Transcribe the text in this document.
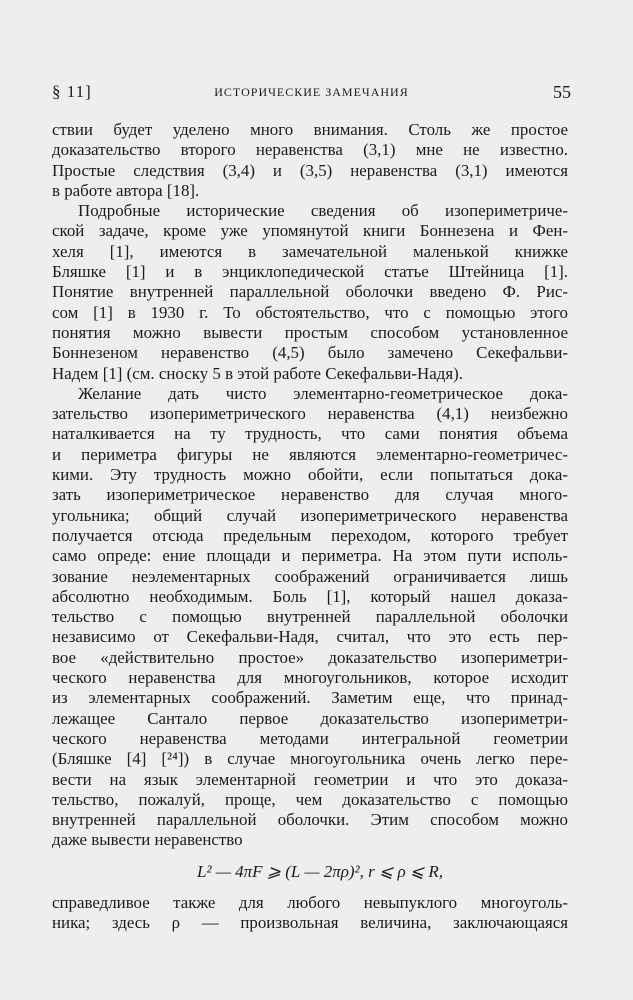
§ 11]	ИСТОРИЧЕСКИЕ ЗАМЕЧАНИЯ	55
ствии будет уделено много внимания. Столь же простое
доказательство второго неравенства (3,1) мне не известно.
Простые следствия (3,4) и (3,5) неравенства (3,1) имеются
в работе автора [18].
Подробные исторические сведения об изопериметриче-
ской задаче, кроме уже упомянутой книги Боннезена и Фен-
хеля [1], имеются в замечательной маленькой книжке
Бляшке [1] и в энциклопедической статье Штейница [1].
Понятие внутренней параллельной оболочки введено Ф. Рис-
сом [1] в 1930 г. То обстоятельство, что с помощью этого
понятия можно вывести простым способом установленное
Боннезеном неравенство (4,5) было замечено Секефальви-
Надем [1] (см. сноску 5 в этой работе Секефальви-Надя).
Желание дать чисто элементарно-геометрическое дока-
зательство изопериметрического неравенства (4,1) неизбежно
наталкивается на ту трудность, что сами понятия объема
и периметра фигуры не являются элементарно-геометричес-
кими. Эту трудность можно обойти, если попытаться дока-
зать изопериметрическое неравенство для случая много-
угольника; общий случай изопериметрического неравенства
получается отсюда предельным переходом, которого требует
само опреде: ение площади и периметра. На этом пути исполь-
зование неэлементарных соображений ограничивается лишь
абсолютно необходимым. Боль [1], который нашел доказа-
тельство с помощью внутренней параллельной оболочки
независимо от Секефальви-Надя, считал, что это есть пер-
вое «действительно простое» доказательство изопериметри-
ческого неравенства для многоугольников, которое исходит
из элементарных соображений. Заметим еще, что принад-
лежащее Сантало первое доказательство изопериметри-
ческого неравенства методами интегральной геометрии
(Бляшке [4] [²⁴]) в случае многоугольника очень легко пере-
вести на язык элементарной геометрии и что это доказа-
тельство, пожалуй, проще, чем доказательство с помощью
внутренней параллельной оболочки. Этим способом можно
даже вывести неравенство
L² — 4πF ⩾ (L — 2πρ)², r ⩽ ρ ⩽ R,
справедливое также для любого невыпуклого многоуголь-
ника; здесь ρ — произвольная величина, заключающаяся
